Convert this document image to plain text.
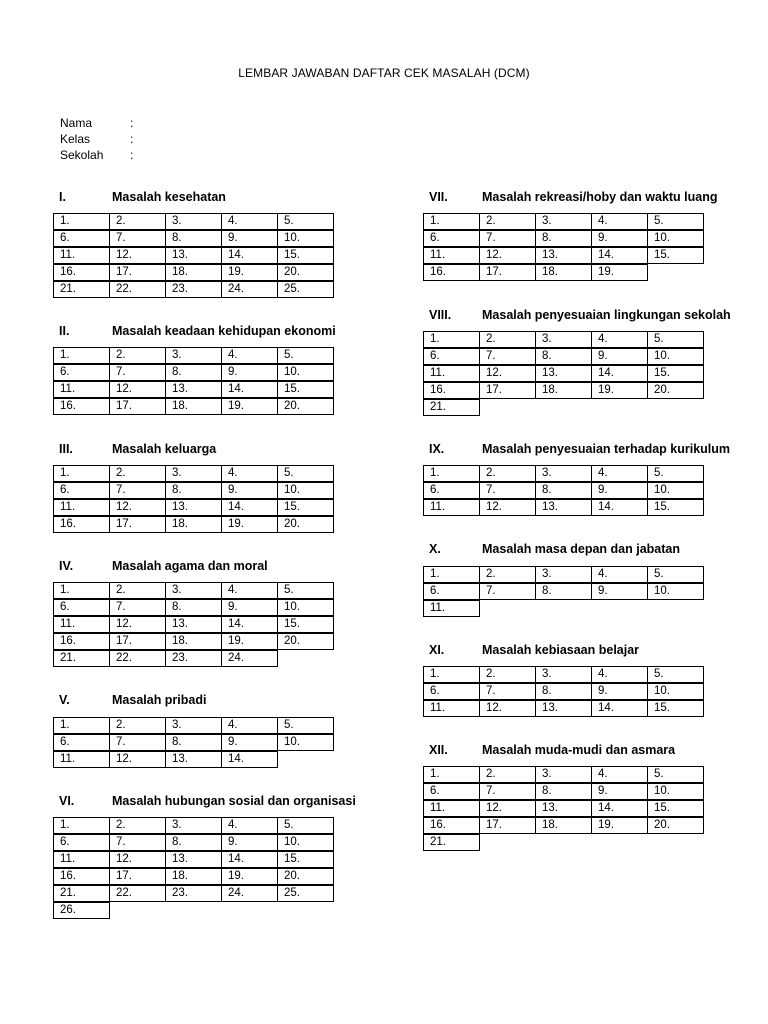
LEMBAR JAWABAN DAFTAR CEK MASALAH (DCM)
Nama	:
Kelas	:
Sekolah :
I.	Masalah kesehatan
1.	2.	3.	4.	5.
6.	7.	8.	9.	10.
11.	12.	13.	14.	15.
16.	17.	18.	19.	20.
21.	22.	23.	24.	25.
II.	Masalah keadaan kehidupan ekonomi
1.	2.	3.	4.	5.
6.	7.	8.	9.	10.
11.	12.	13.	14.	15.
16.	17.	18.	19.	20.
III.	Masalah keluarga
1.	2.	3.	4.	5.
6.	7.	8.	9.	10.
11.	12.	13.	14.	15.
16.	17.	18.	19.	20.
IV.	Masalah agama dan moral
1.	2.	3.	4.	5.
6.	7.	8.	9.	10.
11.	12.	13.	14.	15.
16.	17.	18.	19.	20.
21.	22.	23.	24.
V.	Masalah pribadi
1.	2.	3.	4.	5.
6.	7.	8.	9.	10.
11.	12.	13.	14.
VI.	Masalah hubungan sosial dan organisasi
1.	2.	3.	4.	5.
6.	7.	8.	9.	10.
11.	12.	13.	14.	15.
16.	17.	18.	19.	20.
21.	22.	23.	24.	25.
26.
VII.	Masalah rekreasi/hoby dan waktu luang
1.	2.	3.	4.	5.
6.	7.	8.	9.	10.
11.	12.	13.	14.	15.
16.	17.	18.	19.
VIII. Masalah penyesuaian lingkungan sekolah
1.	2.	3.	4.	5.
6.	7.	8.	9.	10.
11.	12.	13.	14.	15.
16.	17.	18.	19.	20.
21.
IX.	Masalah penyesuaian terhadap kurikulum
1.	2.	3.	4.	5.
6.	7.	8.	9.	10.
11.	12.	13.	14.	15.
X.	Masalah masa depan dan jabatan
1.	2.	3.	4.	5.
6.	7.	8.	9.	10.
11.
XI.	Masalah kebiasaan belajar
1.	2.	3.	4.	5.
6.	7.	8.	9.	10.
11.	12.	13.	14.	15.
XII.	Masalah muda-mudi dan asmara
1.	2.	3.	4.	5.
6.	7.	8.	9.	10.
11.	12.	13.	14.	15.
16.	17.	18.	19.	20.
21.
